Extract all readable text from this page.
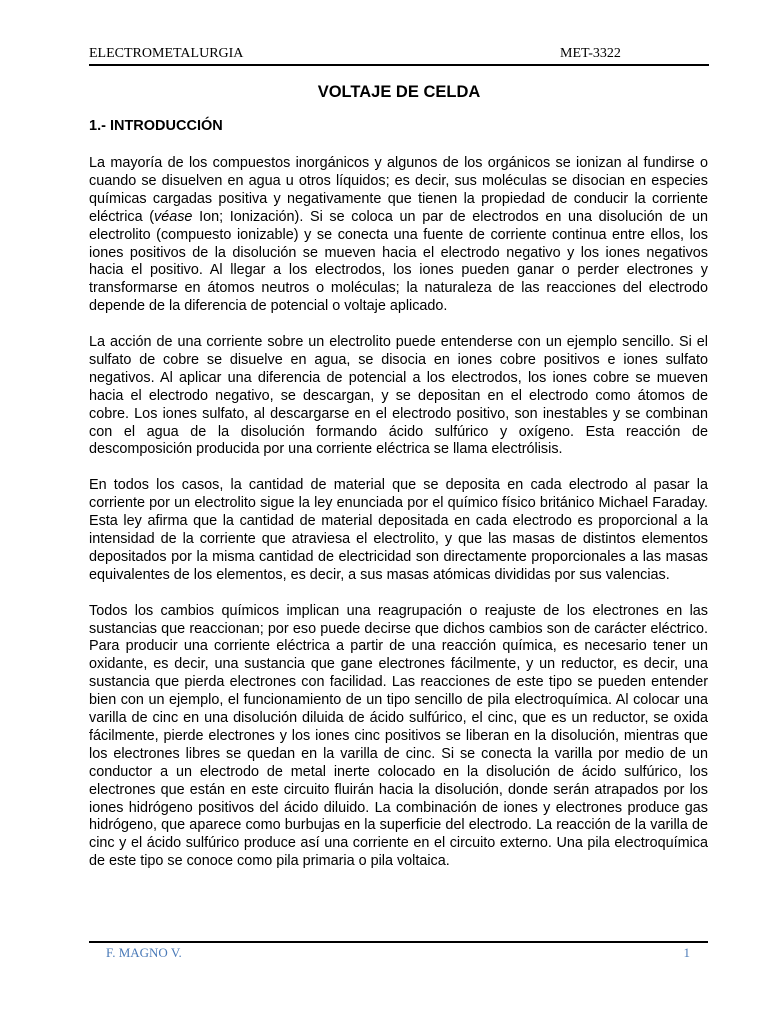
ELECTROMETALURGIA	MET-3322
VOLTAJE DE CELDA
1.- INTRODUCCIÓN

La mayoría de los compuestos inorgánicos y algunos de los orgánicos se ionizan al fundirse o cuando se disuelven en agua u otros líquidos; es decir, sus moléculas se disocian en especies químicas cargadas positiva y negativamente que tienen la propiedad de conducir la corriente eléctrica (véase Ion; Ionización). Si se coloca un par de electrodos en una disolución de un electrolito (compuesto ionizable) y se conecta una fuente de corriente continua entre ellos, los iones positivos de la disolución se mueven hacia el electrodo negativo y los iones negativos hacia el positivo. Al llegar a los electrodos, los iones pueden ganar o perder electrones y transformarse en átomos neutros o moléculas; la naturaleza de las reacciones del electrodo depende de la diferencia de potencial o voltaje aplicado.

La acción de una corriente sobre un electrolito puede entenderse con un ejemplo sencillo. Si el sulfato de cobre se disuelve en agua, se disocia en iones cobre positivos e iones sulfato negativos. Al aplicar una diferencia de potencial a los electrodos, los iones cobre se mueven hacia el electrodo negativo, se descargan, y se depositan en el electrodo como átomos de cobre. Los iones sulfato, al descargarse en el electrodo positivo, son inestables y se combinan con el agua de la disolución formando ácido sulfúrico y oxígeno. Esta reacción de descomposición producida por una corriente eléctrica se llama electrólisis.

En todos los casos, la cantidad de material que se deposita en cada electrodo al pasar la corriente por un electrolito sigue la ley enunciada por el químico físico británico Michael Faraday. Esta ley afirma que la cantidad de material depositada en cada electrodo es proporcional a la intensidad de la corriente que atraviesa el electrolito, y que las masas de distintos elementos depositados por la misma cantidad de electricidad son directamente proporcionales a las masas equivalentes de los elementos, es decir, a sus masas atómicas divididas por sus valencias.

Todos los cambios químicos implican una reagrupación o reajuste de los electrones en las sustancias que reaccionan; por eso puede decirse que dichos cambios son de carácter eléctrico. Para producir una corriente eléctrica a partir de una reacción química, es necesario tener un oxidante, es decir, una sustancia que gane electrones fácilmente, y un reductor, es decir, una sustancia que pierda electrones con facilidad. Las reacciones de este tipo se pueden entender bien con un ejemplo, el funcionamiento de un tipo sencillo de pila electroquímica. Al colocar una varilla de cinc en una disolución diluida de ácido sulfúrico, el cinc, que es un reductor, se oxida fácilmente, pierde electrones y los iones cinc positivos se liberan en la disolución, mientras que los electrones libres se quedan en la varilla de cinc. Si se conecta la varilla por medio de un conductor a un electrodo de metal inerte colocado en la disolución de ácido sulfúrico, los electrones que están en este circuito fluirán hacia la disolución, donde serán atrapados por los iones hidrógeno positivos del ácido diluido. La combinación de iones y electrones produce gas hidrógeno, que aparece como burbujas en la superficie del electrodo. La reacción de la varilla de cinc y el ácido sulfúrico produce así una corriente en el circuito externo. Una pila electroquímica de este tipo se conoce como pila primaria o pila voltaica.

F. MAGNO V.	1
